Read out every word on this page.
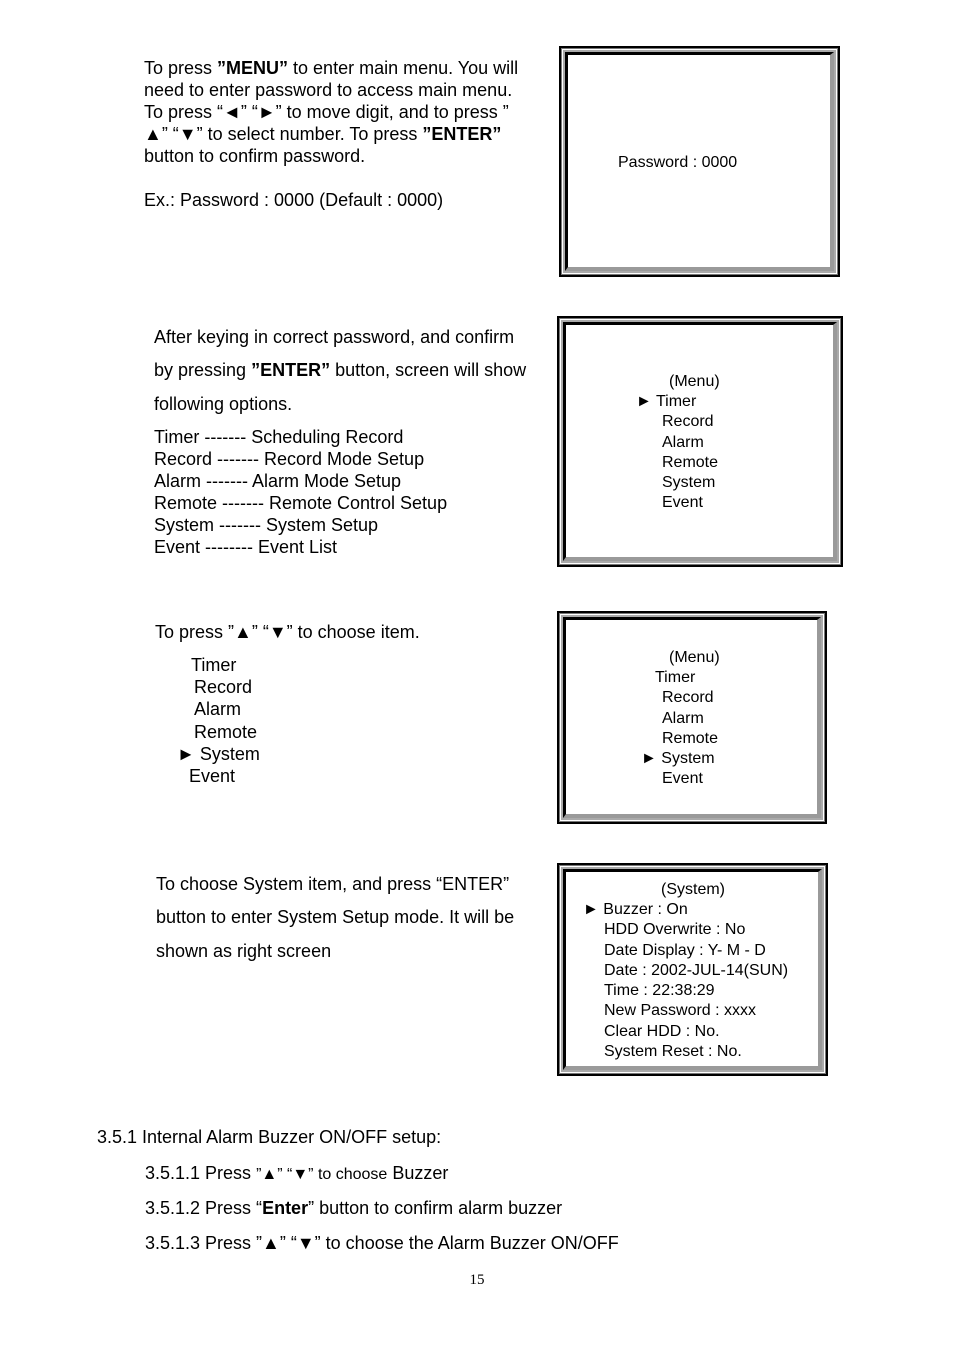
To press ”MENU” to enter main menu. You will
need to enter password to access main menu.
To press “◄” “►” to move digit, and to press ”
▲” “▼” to select number. To press ”ENTER”
button to confirm password.
Ex.: Password : 0000 (Default : 0000)
Password : 0000
After keying in correct password, and confirm
by pressing ”ENTER” button, screen will show
following options.
Timer ------- Scheduling Record
Record ------- Record Mode Setup
Alarm ------- Alarm Mode Setup
Remote ------- Remote Control Setup
System ------- System Setup
Event -------- Event List
(Menu)
► Timer
Record
Alarm
Remote
System
Event
To press ”▲” “▼” to choose item.
Timer
Record
Alarm
Remote
► System
Event
(Menu)
Timer
Record
Alarm
Remote
► System
Event
To choose System item, and press “ENTER”
button to enter System Setup mode. It will be
shown as right screen
(System)
► Buzzer : On
HDD Overwrite : No
Date Display : Y- M - D
Date : 2002-JUL-14(SUN)
Time : 22:38:29
New Password : xxxx
Clear HDD : No.
System Reset : No.
3.5.1 Internal Alarm Buzzer ON/OFF setup:
3.5.1.1 Press ”▲” “▼” to choose Buzzer
3.5.1.2 Press “Enter” button to confirm alarm buzzer
3.5.1.3 Press ”▲” “▼” to choose the Alarm Buzzer ON/OFF
15
